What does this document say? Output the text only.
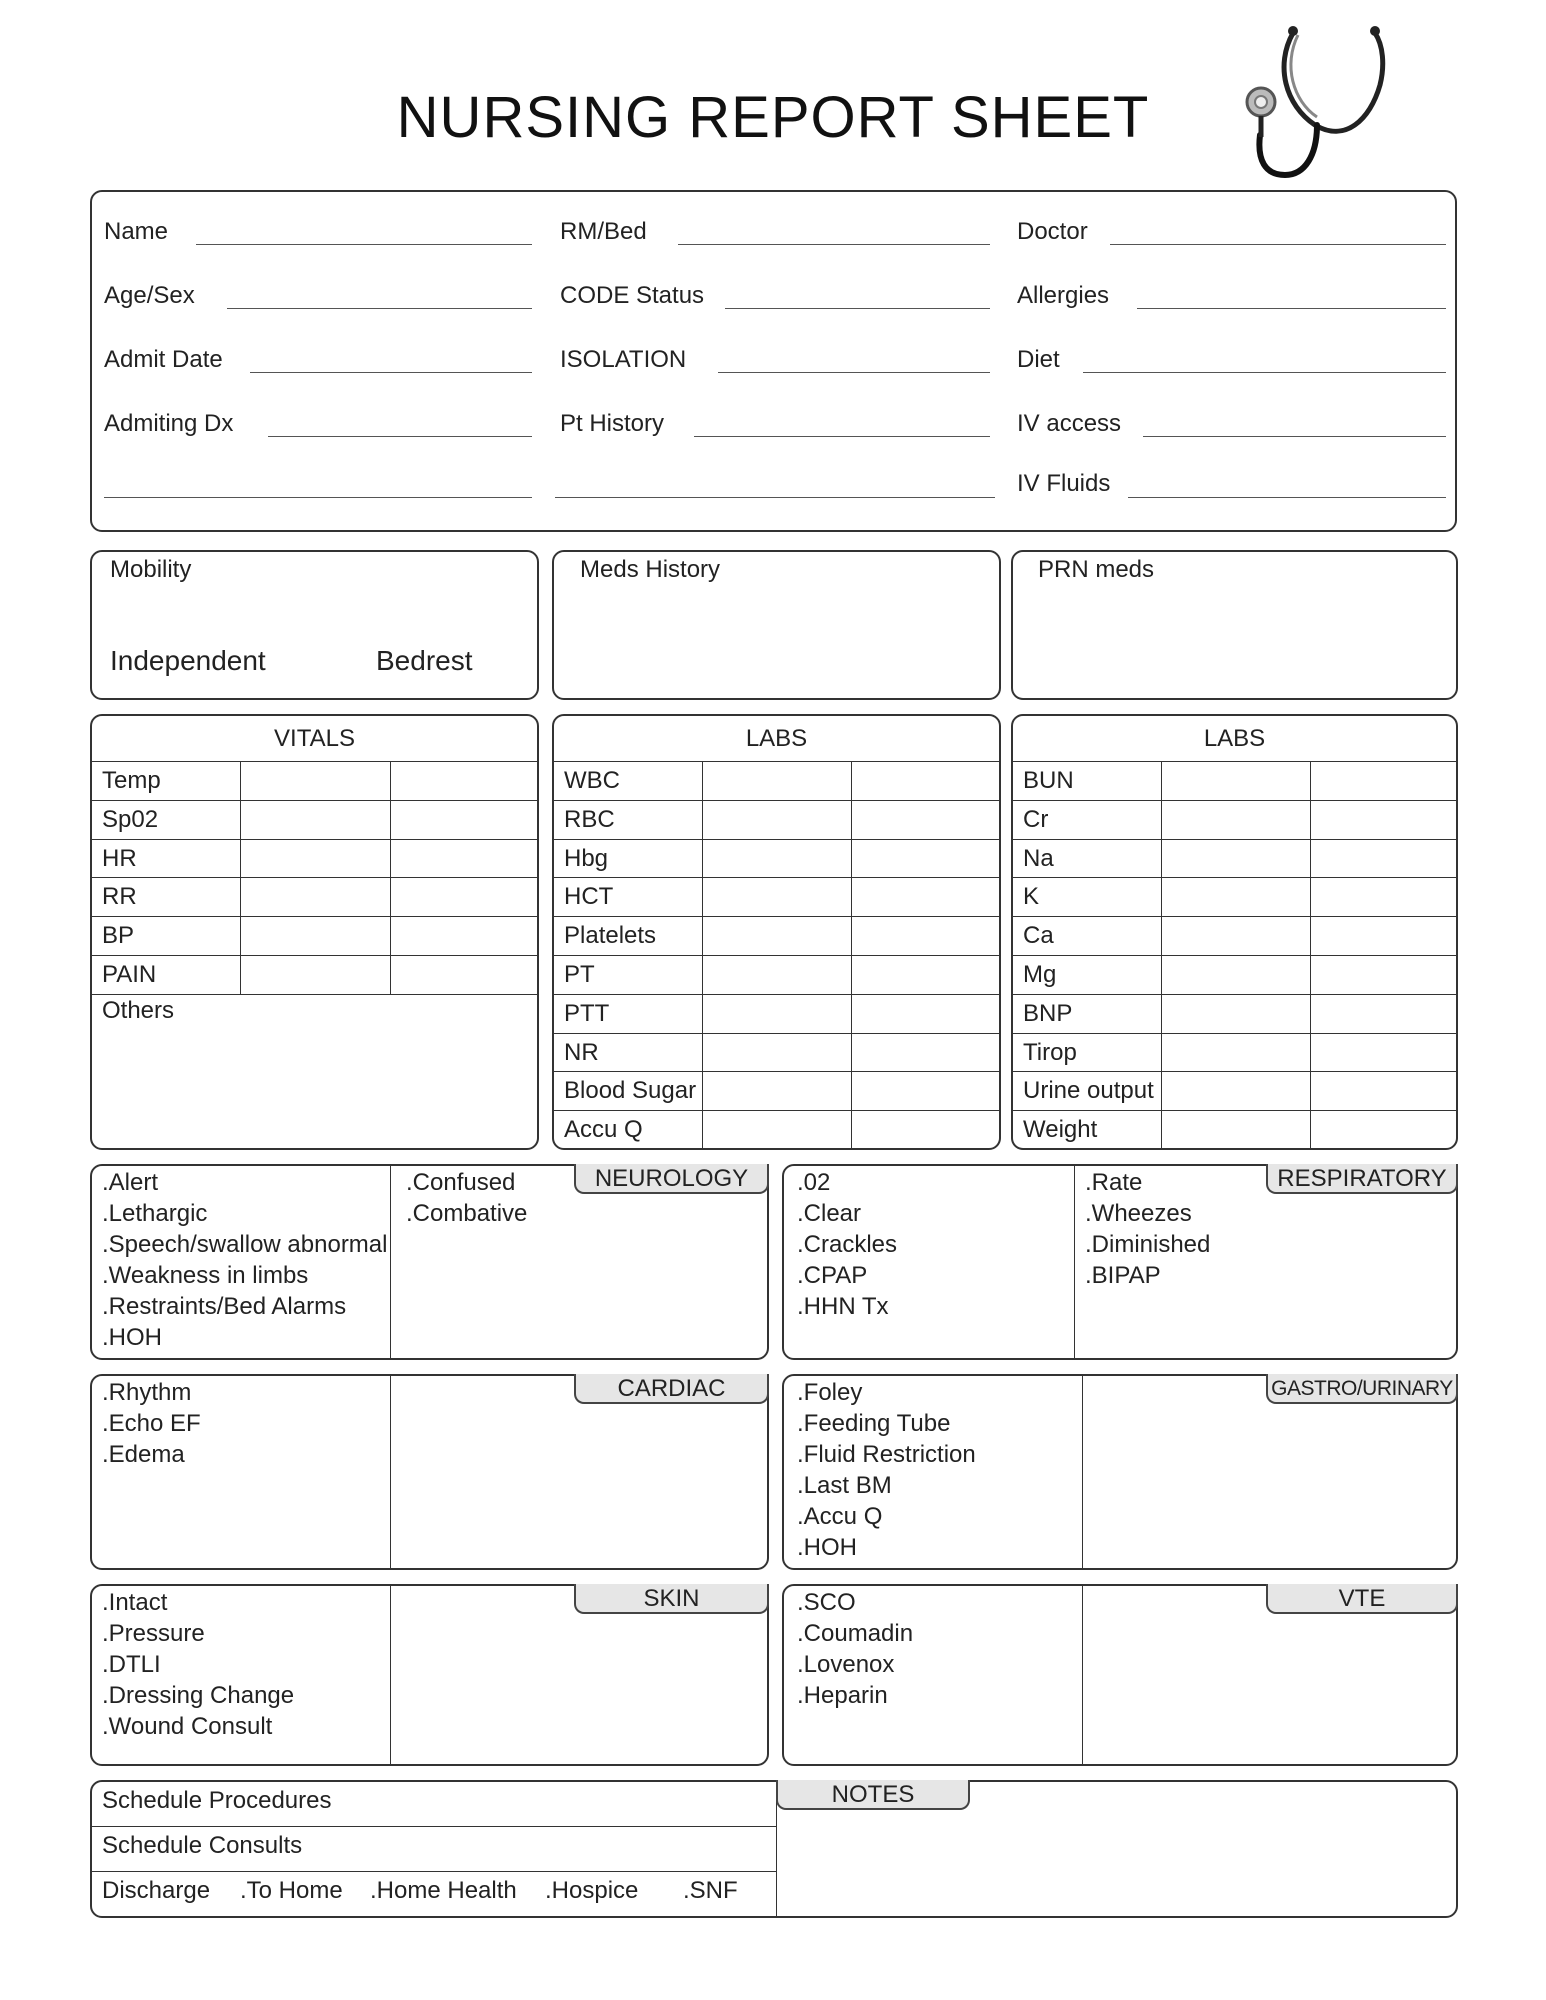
NURSING REPORT SHEET
Name
Age/Sex
Admit Date
Admiting Dx
RM/Bed
CODE Status
ISOLATION
Pt History
Doctor
Allergies
Diet
IV access
IV Fluids
Mobility
Independent	Bedrest
Meds History	PRN meds
VITALS
Temp
Sp02
HR
RR
BP
PAIN
Others
LABS
WBC
RBC
Hbg
HCT
Platelets
PT
PTT
NR
Blood Sugar
Accu Q
LABS
BUN
Cr
Na
K
Ca
Mg
BNP
Tirop
Urine output
Weight
NEUROLOGY
.Alert
.Lethargic
.Speech/swallow abnormal
.Weakness in limbs
.Restraints/Bed Alarms
.HOH
.Confused
.Combative
RESPIRATORY
.02
.Clear
.Crackles
.CPAP
.HHN Tx
.Rate
.Wheezes
.Diminished
.BIPAP
CARDIAC
.Rhythm
.Echo EF
.Edema
GASTRO/URINARY
.Foley
.Feeding Tube
.Fluid Restriction
.Last BM
.Accu Q
.HOH
SKIN
.Intact
.Pressure
.DTLI
.Dressing Change
.Wound Consult
VTE
.SCO
.Coumadin
.Lovenox
.Heparin
Schedule Procedures
Schedule Consults
Discharge .To Home .Home Health .Hospice .SNF
NOTES
